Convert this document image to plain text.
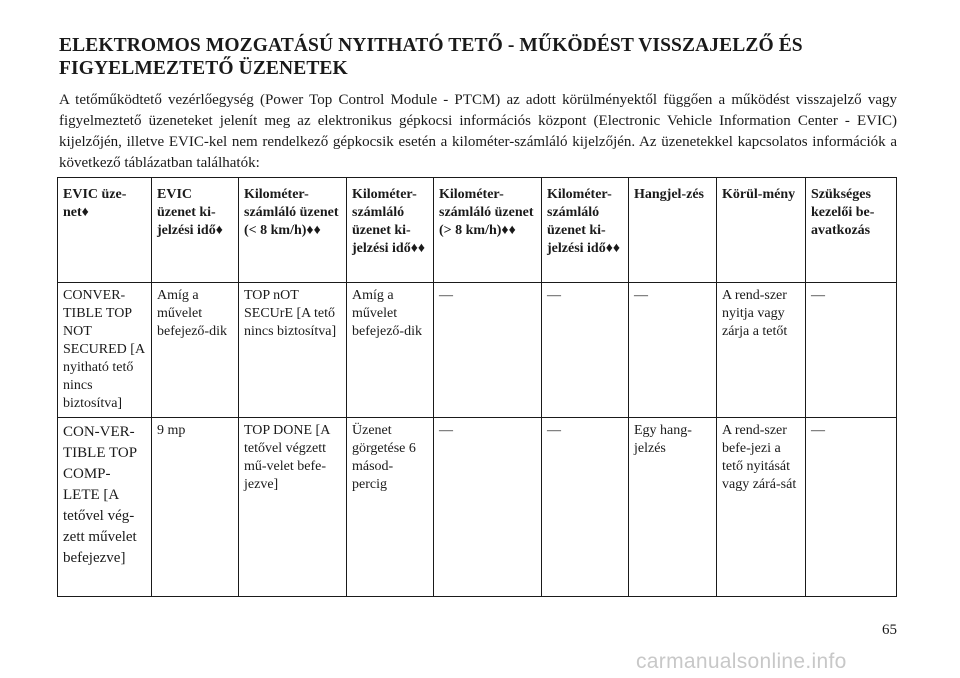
ELEKTROMOS MOZGATÁSÚ NYITHATÓ TETŐ - MŰKÖDÉST VISSZAJELZŐ ÉS FIGYELMEZTETŐ ÜZENETEK
A tetőműködtető vezérlőegység (Power Top Control Module - PTCM) az adott körülményektől függően a működést visszajelző vagy figyelmeztető üzeneteket jelenít meg az elektronikus gépkocsi információs központ (Electronic Vehicle Information Center - EVIC) kijelzőjén, illetve EVIC-kel nem rendelkező gépkocsik esetén a kilométer-számláló kijelzőjén. Az üzenetekkel kapcsolatos információk a következő táblázatban találhatók:
EVIC üze-net♦	EVIC üzenet ki-jelzési idő♦	Kilométer-számláló üzenet (< 8 km/h)♦♦	Kilométer-számláló üzenet ki-jelzési idő♦♦	Kilométer-számláló üzenet (> 8 km/h)♦♦	Kilométer-számláló üzenet ki-jelzési idő♦♦	Hangjel-zés	Körül-mény	Szükséges kezelői be-avatkozás
CONVER-TIBLE TOP NOT SECURED [A nyitható tető nincs biztosítva]	Amíg a művelet befejező-dik	TOP nOT SECUrE [A tető nincs biztosítva]	Amíg a művelet befejező-dik	—	—	—	A rend-szer nyitja vagy zárja a tetőt	—
CON-VER-TIBLE TOP COMP-LETE [A tetővel vég-zett művelet befejezve]	9 mp	TOP DONE [A tetővel végzett mű-velet befe-jezve]	Üzenet görgetése 6 másod-percig	—	—	Egy hang-jelzés	A rend-szer befe-jezi a tető nyitását vagy zárá-sát	—
65
carmanualsonline.info
